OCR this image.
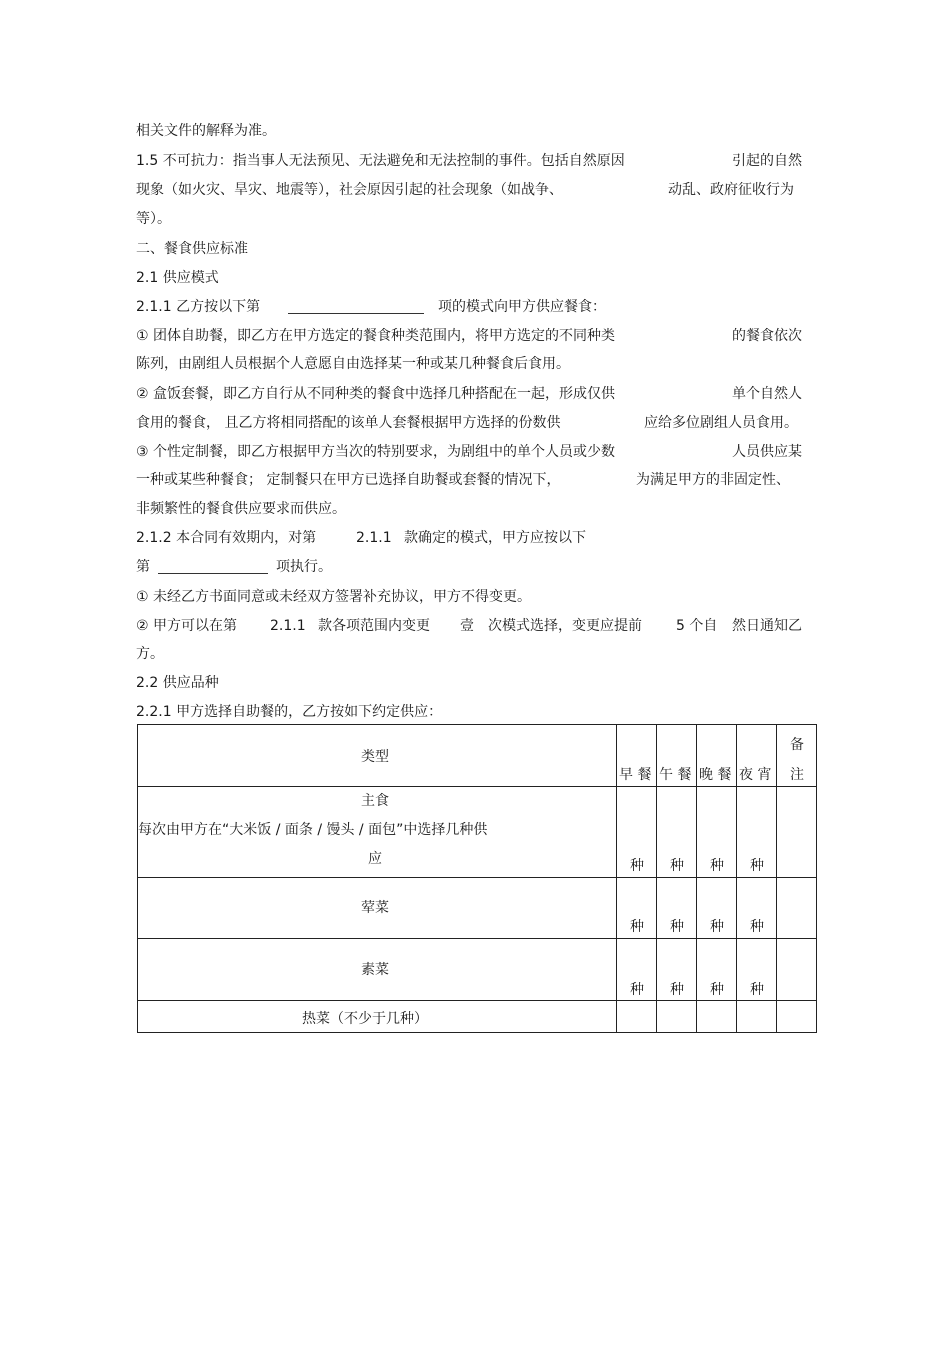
相关文件的解释为准。
1.5 不可抗力：指当事人无法预见、无法避免和无法控制的事件。包括自然原因	引起的自然
现象（如火灾、旱灾、地震等），社会原因引起的社会现象（如战争、	动乱、政府征收行为
等）。
二、餐食供应标准
2.1 供应模式
2.1.1 乙方按以下第	项的模式向甲方供应餐食：
① 团体自助餐，即乙方在甲方选定的餐食种类范围内，将甲方选定的不同种类	的餐食依次
陈列，由剧组人员根据个人意愿自由选择某一种或某几种餐食后食用。
② 盒饭套餐，即乙方自行从不同种类的餐食中选择几种搭配在一起，形成仅供	单个自然人
食用的餐食， 且乙方将相同搭配的该单人套餐根据甲方选择的份数供	应给多位剧组人员食用。
③ 个性定制餐，即乙方根据甲方当次的特别要求，为剧组中的单个人员或少数	人员供应某
一种或某些种餐食； 定制餐只在甲方已选择自助餐或套餐的情况下，	为满足甲方的非固定性、
非频繁性的餐食供应要求而供应。
2.1.2 本合同有效期内，对第	2.1.1 款确定的模式，甲方应按以下
第	项执行。
① 未经乙方书面同意或未经双方签署补充协议，甲方不得变更。
② 甲方可以在第 2.1.1 款各项范围内变更 壹 次模式选择，变更应提前 5 个自 然日通知乙
方。
2.2 供应品种
2.2.1 甲方选择自助餐的，乙方按如下约定供应：
类型	早 餐	午 餐	晚 餐	夜 宵	备
注

主食
每次由甲方在“大米饭 / 面条 / 馒头 / 面包”中选择几种供
应	种	种	种	种	

荤菜	种	种	种	种	

素菜	种	种	种	种	

热菜（不少于几种）					
